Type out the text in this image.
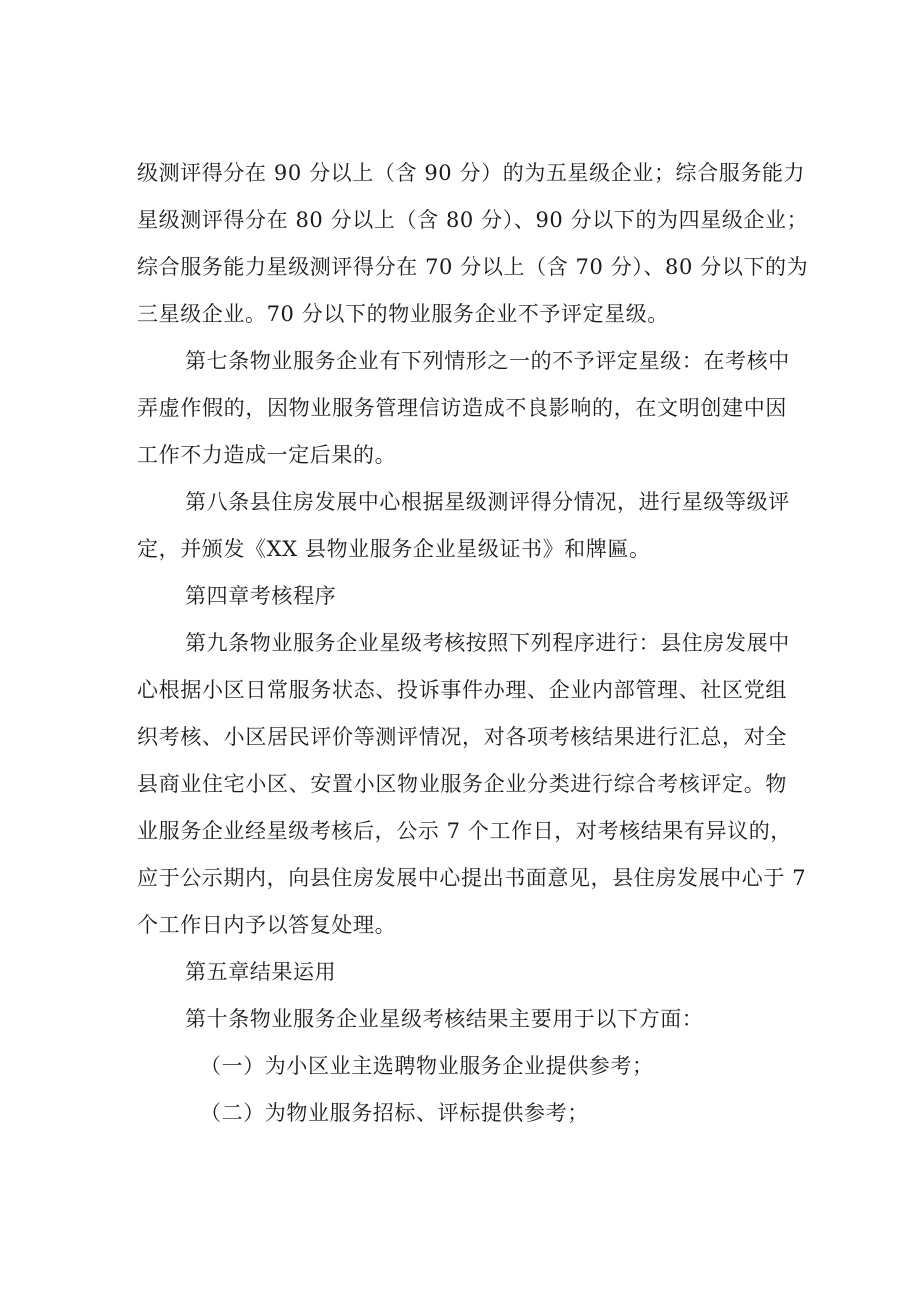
级测评得分在 90 分以上（含 90 分）的为五星级企业；综合服务能力
星级测评得分在 80 分以上（含 80 分）、90 分以下的为四星级企业；
综合服务能力星级测评得分在 70 分以上（含 70 分）、80 分以下的为
三星级企业。70 分以下的物业服务企业不予评定星级。
第七条物业服务企业有下列情形之一的不予评定星级：在考核中
弄虚作假的，因物业服务管理信访造成不良影响的，在文明创建中因
工作不力造成一定后果的。
第八条县住房发展中心根据星级测评得分情况，进行星级等级评
定，并颁发《XX 县物业服务企业星级证书》和牌匾。
第四章考核程序
第九条物业服务企业星级考核按照下列程序进行：县住房发展中
心根据小区日常服务状态、投诉事件办理、企业内部管理、社区党组
织考核、小区居民评价等测评情况，对各项考核结果进行汇总，对全
县商业住宅小区、安置小区物业服务企业分类进行综合考核评定。物
业服务企业经星级考核后，公示 7 个工作日，对考核结果有异议的，
应于公示期内，向县住房发展中心提出书面意见，县住房发展中心于 7
个工作日内予以答复处理。
第五章结果运用
第十条物业服务企业星级考核结果主要用于以下方面：
（一）为小区业主选聘物业服务企业提供参考；
（二）为物业服务招标、评标提供参考；
